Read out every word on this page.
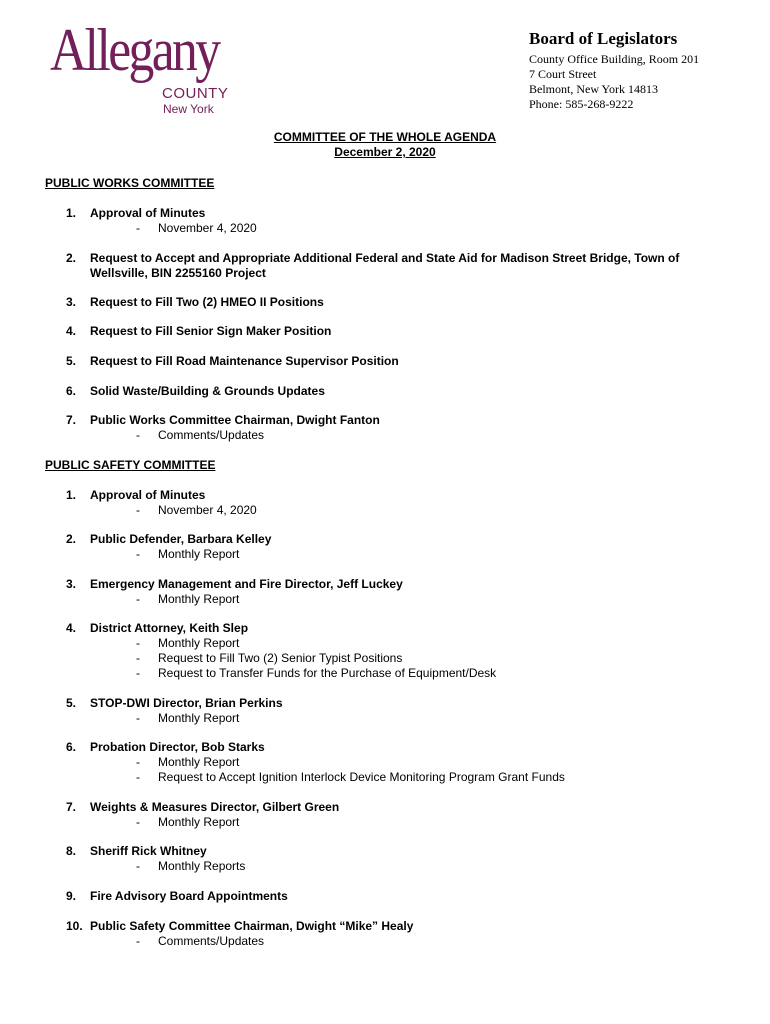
Allegany
COUNTY
New York
Board of Legislators
County Office Building, Room 201
7 Court Street
Belmont, New York 14813
Phone: 585-268-9222
COMMITTEE OF THE WHOLE AGENDA
December 2, 2020
PUBLIC WORKS COMMITTEE
1. Approval of Minutes
- November 4, 2020
2. Request to Accept and Appropriate Additional Federal and State Aid for Madison Street Bridge, Town of
Wellsville, BIN 2255160 Project
3. Request to Fill Two (2) HMEO II Positions
4. Request to Fill Senior Sign Maker Position
5. Request to Fill Road Maintenance Supervisor Position
6. Solid Waste/Building & Grounds Updates
7. Public Works Committee Chairman, Dwight Fanton
- Comments/Updates
PUBLIC SAFETY COMMITTEE
1. Approval of Minutes
- November 4, 2020
2. Public Defender, Barbara Kelley
- Monthly Report
3. Emergency Management and Fire Director, Jeff Luckey
- Monthly Report
4. District Attorney, Keith Slep
- Monthly Report
- Request to Fill Two (2) Senior Typist Positions
- Request to Transfer Funds for the Purchase of Equipment/Desk
5. STOP-DWI Director, Brian Perkins
- Monthly Report
6. Probation Director, Bob Starks
- Monthly Report
- Request to Accept Ignition Interlock Device Monitoring Program Grant Funds
7. Weights & Measures Director, Gilbert Green
- Monthly Report
8. Sheriff Rick Whitney
- Monthly Reports
9. Fire Advisory Board Appointments
10. Public Safety Committee Chairman, Dwight “Mike” Healy
- Comments/Updates
